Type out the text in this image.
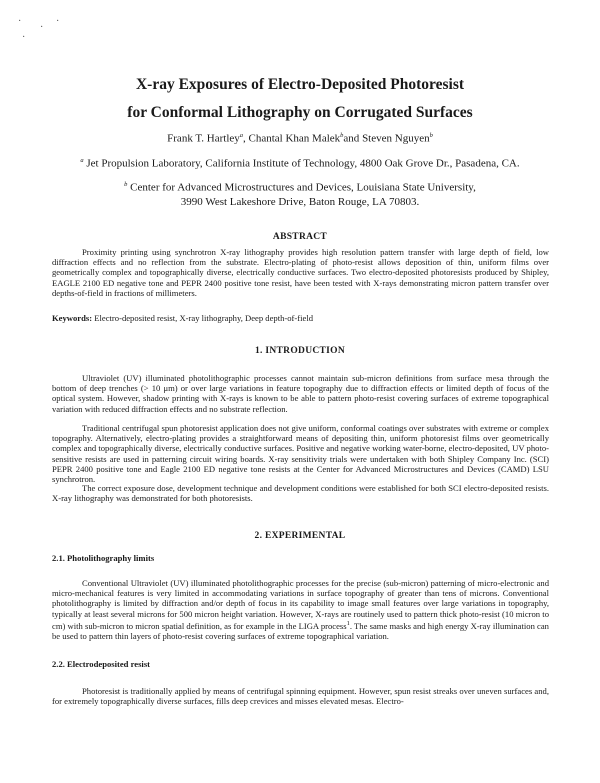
·
·
·
·
X-ray Exposures of Electro-Deposited Photoresist
for Conformal Lithography on Corrugated Surfaces
Frank T. Hartley$^a$, Chantal Khan Malek$^b$and Steven Nguyen$^b$
$^a$ Jet Propulsion Laboratory, California Institute of Technology, 4800 Oak Grove Dr., Pasadena, CA.
$^b$ Center for Advanced Microstructures and Devices, Louisiana State University,
3990 West Lakeshore Drive, Baton Rouge, LA 70803.
ABSTRACT

Proximity printing using synchrotron X-ray lithography provides high resolution pattern transfer with large depth of field, low diffraction effects and no reflection from the substrate. Electro-plating of photo-resist allows deposition of thin, uniform films over geometrically complex and topographically diverse, electrically conductive surfaces. Two electro-deposited photoresists produced by Shipley, EAGLE 2100 ED negative tone and PEPR 2400 positive tone resist, have been tested with X-rays demonstrating micron pattern transfer over depths-of-field in fractions of millimeters.

Keywords: Electro-deposited resist, X-ray lithography, Deep depth-of-field
1. INTRODUCTION

Ultraviolet (UV) illuminated photolithographic processes cannot maintain sub-micron definitions from surface mesa through the bottom of deep trenches (> 10 μm) or over large variations in feature topography due to diffraction effects or limited depth of focus of the optical system. However, shadow printing with X-rays is known to be able to pattern photo-resist covering surfaces of extreme topographical variation with reduced diffraction effects and no substrate reflection.

Traditional centrifugal spun photoresist application does not give uniform, conformal coatings over substrates with extreme or complex topography. Alternatively, electro-plating provides a straightforward means of depositing thin, uniform photoresist films over geometrically complex and topographically diverse, electrically conductive surfaces. Positive and negative working water-borne, electro-deposited, UV photo-sensitive resists are used in patterning circuit wiring boards. X-ray sensitivity trials were undertaken with both Shipley Company Inc. (SCI) PEPR 2400 positive tone and Eagle 2100 ED negative tone resists at the Center for Advanced Microstructures and Devices (CAMD) LSU synchrotron.

The correct exposure dose, development technique and development conditions were established for both SCI electro-deposited resists. X-ray lithography was demonstrated for both photoresists.

2. EXPERIMENTAL
2.1. Photolithography limits

Conventional Ultraviolet (UV) illuminated photolithographic processes for the precise (sub-micron) patterning of micro-electronic and micro-mechanical features is very limited in accommodating variations in surface topography of greater than tens of microns. Conventional photolithography is limited by diffraction and/or depth of focus in its capability to image small features over large variations in topography, typically at least several microns for 500 micron height variation. However, X-rays are routinely used to pattern thick photo-resist (10 micron to cm) with sub-micron to micron spatial definition, as for example in the LIGA process$^1$. The same masks and high energy X-ray illumination can be used to pattern thin layers of photo-resist covering surfaces of extreme topographical variation.

2.2. Electrodeposited resist

Photoresist is traditionally applied by means of centrifugal spinning equipment. However, spun resist streaks over uneven surfaces and, for extremely topographically diverse surfaces, fills deep crevices and misses elevated mesas. Electro-
